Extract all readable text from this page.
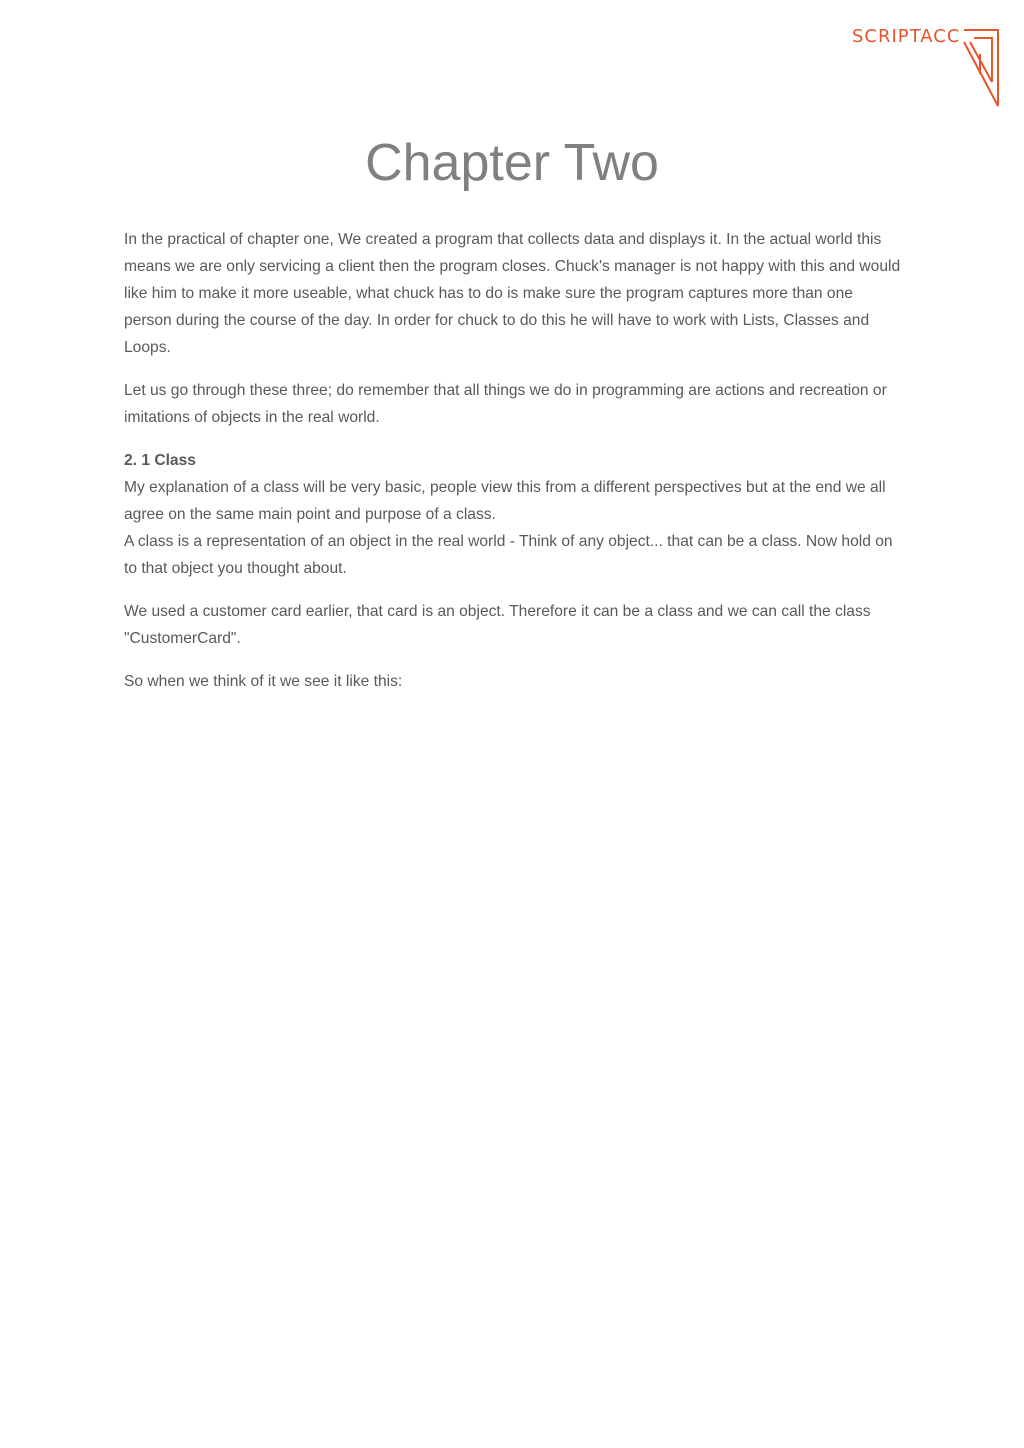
SCRIPTACC
Chapter Two

In the practical of chapter one, We created a program that collects data and displays it. In the actual world this means we are only servicing a client then the program closes. Chuck's manager is not happy with this and would like him to make it more useable, what chuck has to do is make sure the program captures more than one person during the course of the day. In order for chuck to do this he will have to work with Lists, Classes and Loops.

Let us go through these three; do remember that all things we do in programming are actions and recreation or imitations of objects in the real world.

2. 1 Class
My explanation of a class will be very basic, people view this from a different perspectives but at the end we all agree on the same main point and purpose of a class.
A class is a representation of an object in the real world - Think of any object... that can be a class. Now hold on to that object you thought about.

We used a customer card earlier, that card is an object. Therefore it can be a class and we can call the class "CustomerCard".

So when we think of it we see it like this:
